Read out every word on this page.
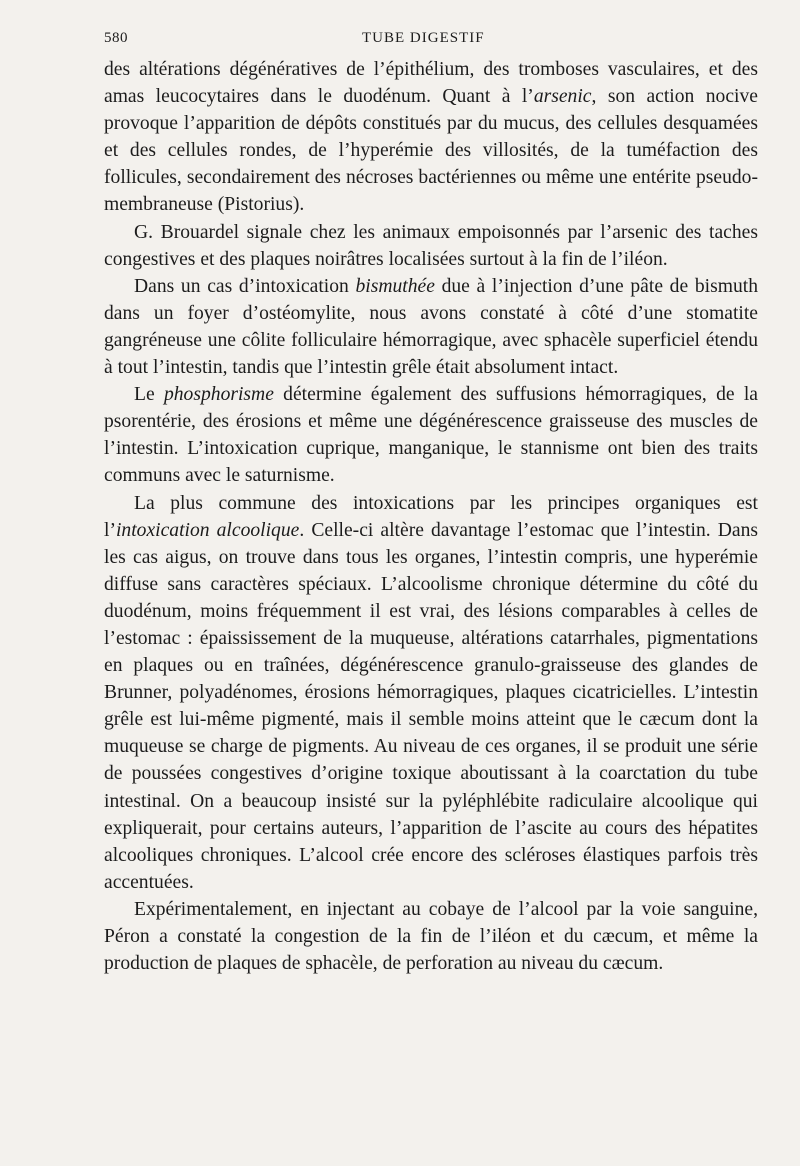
580	TUBE DIGESTIF

des altérations dégénératives de l’épithélium, des tromboses vasculaires, et des amas leucocytaires dans le duodénum. Quant à l’arsenic, son action nocive provoque l’apparition de dépôts constitués par du mucus, des cellules desquamées et des cellules rondes, de l’hyperémie des villosités, de la tuméfaction des follicules, secondairement des nécroses bactériennes ou même une entérite pseudo-membraneuse (Pistorius).

G. Brouardel signale chez les animaux empoisonnés par l’arsenic des taches congestives et des plaques noirâtres localisées surtout à la fin de l’iléon.

Dans un cas d’intoxication bismuthée due à l’injection d’une pâte de bismuth dans un foyer d’ostéomylite, nous avons constaté à côté d’une stomatite gangréneuse une côlite folliculaire hémorragique, avec sphacèle superficiel étendu à tout l’intestin, tandis que l’intestin grêle était absolument intact.

Le phosphorisme détermine également des suffusions hémorragiques, de la psorentérie, des érosions et même une dégénérescence graisseuse des muscles de l’intestin. L’intoxication cuprique, manganique, le stannisme ont bien des traits communs avec le saturnisme.

La plus commune des intoxications par les principes organiques est l’intoxication alcoolique. Celle-ci altère davantage l’estomac que l’intestin. Dans les cas aigus, on trouve dans tous les organes, l’intestin compris, une hyperémie diffuse sans caractères spéciaux. L’alcoolisme chronique détermine du côté du duodénum, moins fréquemment il est vrai, des lésions comparables à celles de l’estomac : épaississement de la muqueuse, altérations catarrhales, pigmentations en plaques ou en traînées, dégénérescence granulo-graisseuse des glandes de Brunner, polyadénomes, érosions hémorragiques, plaques cicatricielles. L’intestin grêle est lui-même pigmenté, mais il semble moins atteint que le cæcum dont la muqueuse se charge de pigments. Au niveau de ces organes, il se produit une série de poussées congestives d’origine toxique aboutissant à la coarctation du tube intestinal. On a beaucoup insisté sur la pyléphlébite radiculaire alcoolique qui expliquerait, pour certains auteurs, l’apparition de l’ascite au cours des hépatites alcooliques chroniques. L’alcool crée encore des scléroses élastiques parfois très accentuées.

Expérimentalement, en injectant au cobaye de l’alcool par la voie sanguine, Péron a constaté la congestion de la fin de l’iléon et du cæcum, et même la production de plaques de sphacèle, de perforation au niveau du cæcum.
